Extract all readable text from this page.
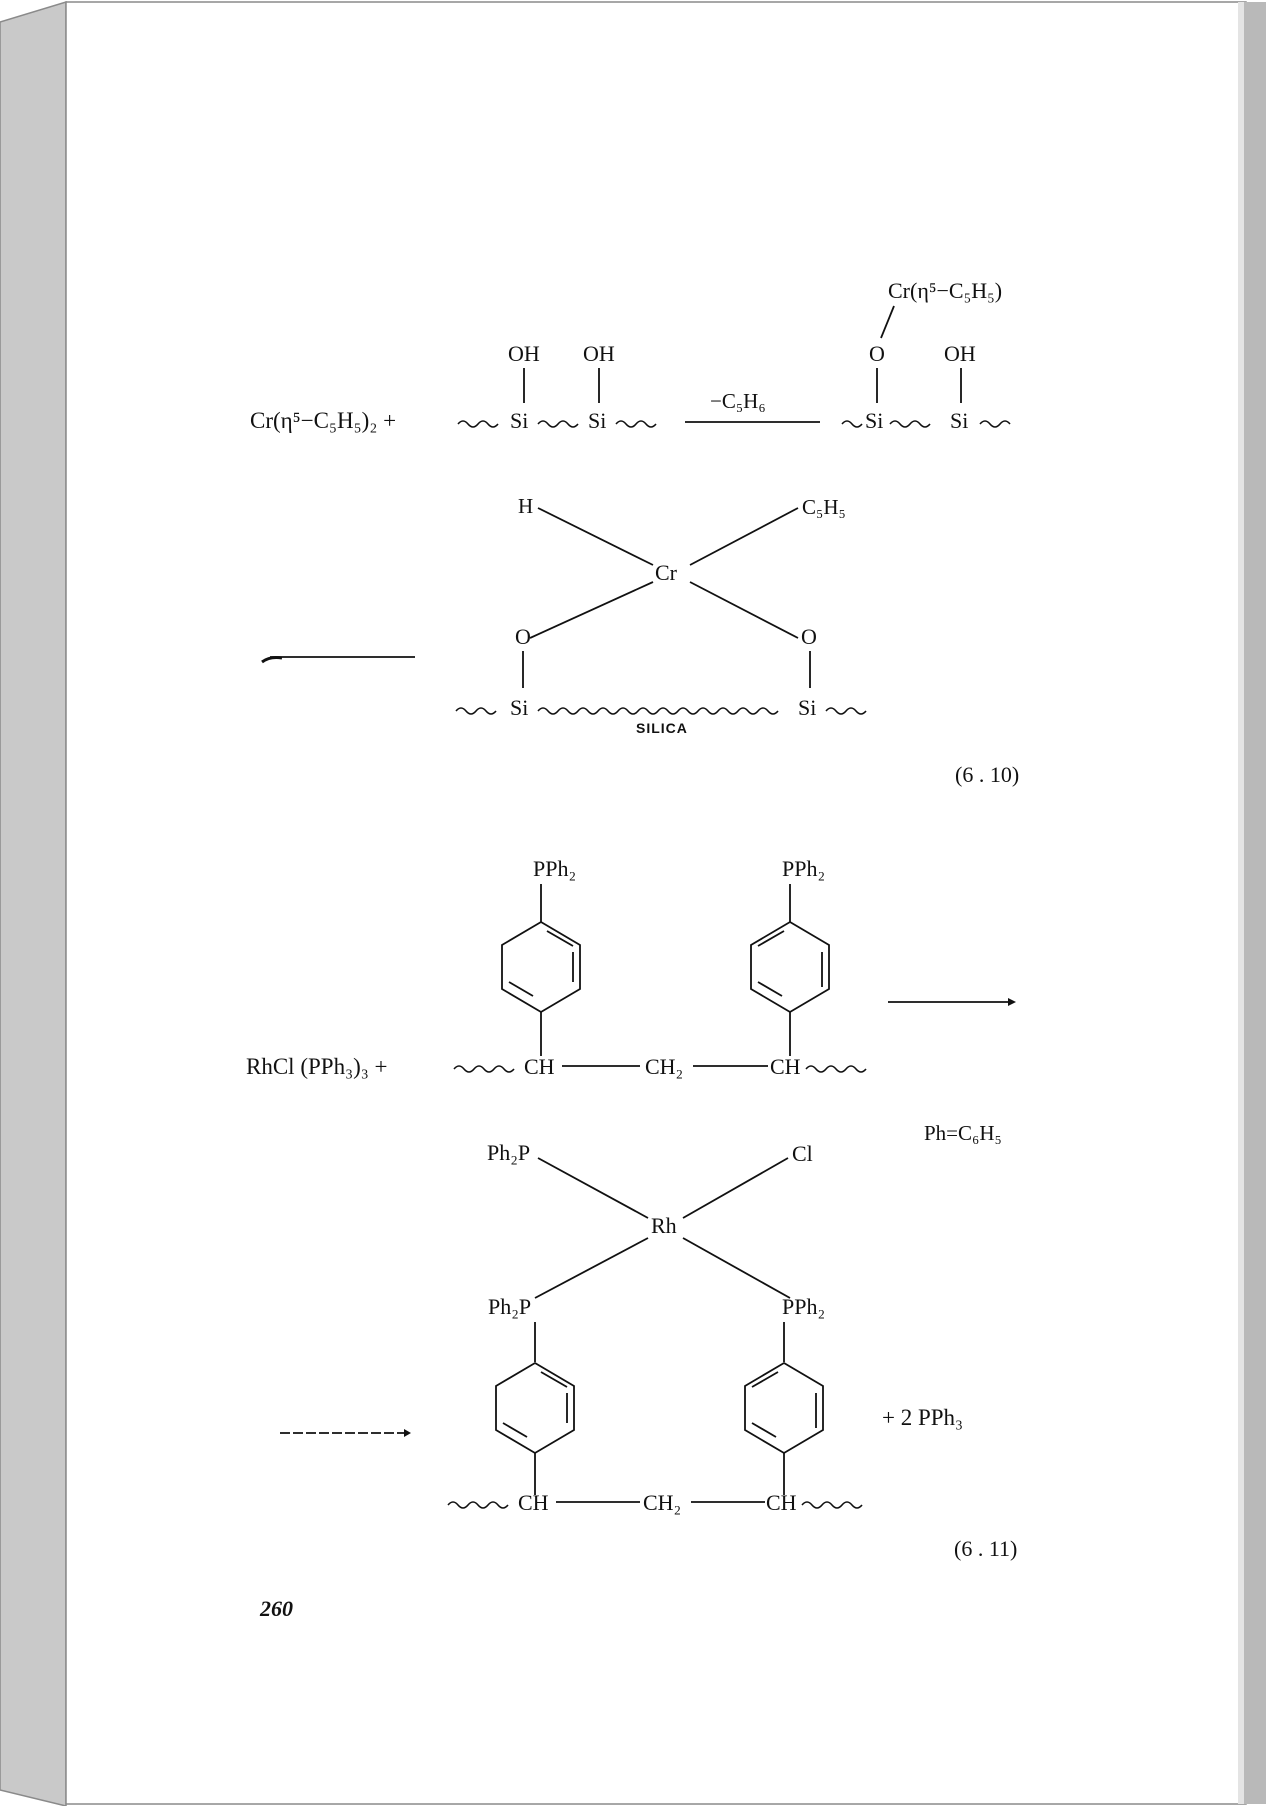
Cr(η⁵−C₅H₅)₂ +
OH OH
Si	Si
−C₅H₆
Cr(η⁵−C₅H₅)
O	OH
Si	Si
H	C₅H₅
Cr
O	O
Si	Si
SILICA
(6 . 10)
RhCl (PPh₃)₃ +
PPh₂	PPh₂
CH	CH₂	CH
Ph=C₆H₅
Ph₂P	Cl
Rh
Ph₂P	PPh₂
+ 2 PPh₃
CH	CH₂	CH
(6 . 11)
260
